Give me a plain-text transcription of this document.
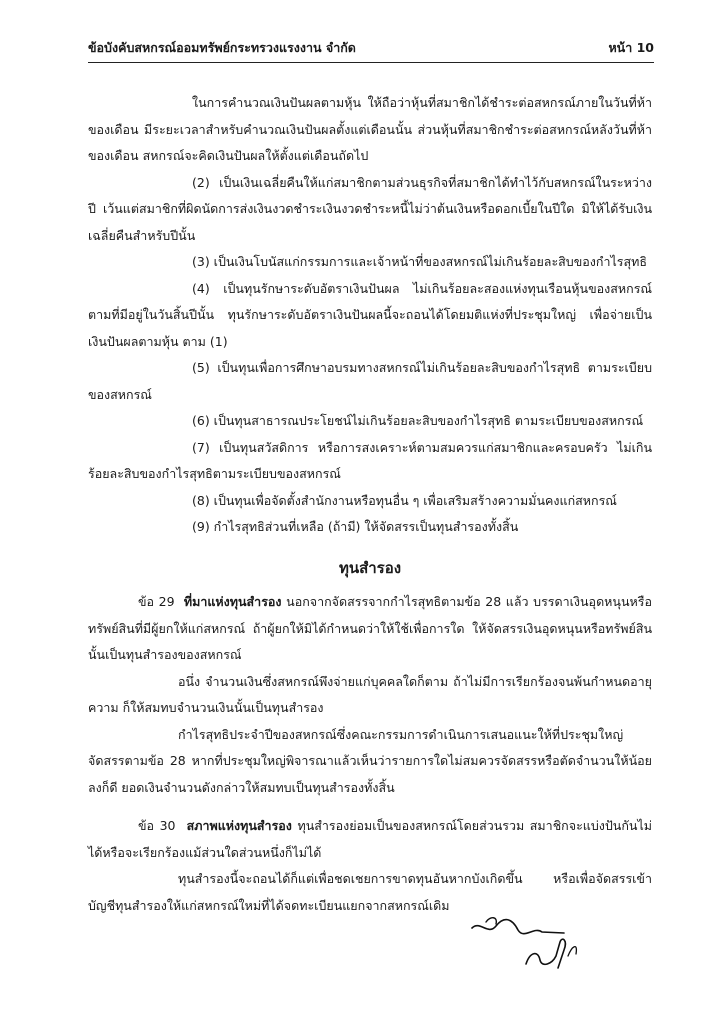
ข้อบังคับสหกรณ์ออมทรัพย์กระทรวงแรงงาน จำกัด	หน้า 10

ในการคำนวณเงินปันผลตามหุ้น ให้ถือว่าหุ้นที่สมาชิกได้ชำระต่อสหกรณ์ภายในวันที่ห้าของเดือน มีระยะเวลาสำหรับคำนวณเงินปันผลตั้งแต่เดือนนั้น ส่วนหุ้นที่สมาชิกชำระต่อสหกรณ์หลังวันที่ห้าของเดือน สหกรณ์จะคิดเงินปันผลให้ตั้งแต่เดือนถัดไป

(2) เป็นเงินเฉลี่ยคืนให้แก่สมาชิกตามส่วนธุรกิจที่สมาชิกได้ทำไว้กับสหกรณ์ในระหว่างปี เว้นแต่สมาชิกที่ผิดนัดการส่งเงินงวดชำระเงินงวดชำระหนี้ไม่ว่าต้นเงินหรือดอกเบี้ยในปีใด มิให้ได้รับเงินเฉลี่ยคืนสำหรับปีนั้น

(3) เป็นเงินโบนัสแก่กรรมการและเจ้าหน้าที่ของสหกรณ์ไม่เกินร้อยละสิบของกำไรสุทธิ

(4) เป็นทุนรักษาระดับอัตราเงินปันผล ไม่เกินร้อยละสองแห่งทุนเรือนหุ้นของสหกรณ์ ตามที่มีอยู่ในวันสิ้นปีนั้น ทุนรักษาระดับอัตราเงินปันผลนี้จะถอนได้โดยมติแห่งที่ประชุมใหญ่ เพื่อจ่ายเป็นเงินปันผลตามหุ้น ตาม (1)

(5) เป็นทุนเพื่อการศึกษาอบรมทางสหกรณ์ไม่เกินร้อยละสิบของกำไรสุทธิ ตามระเบียบของสหกรณ์

(6) เป็นทุนสาธารณประโยชน์ไม่เกินร้อยละสิบของกำไรสุทธิ ตามระเบียบของสหกรณ์

(7) เป็นทุนสวัสดิการ หรือการสงเคราะห์ตามสมควรแก่สมาชิกและครอบครัว ไม่เกินร้อยละสิบของกำไรสุทธิตามระเบียบของสหกรณ์

(8) เป็นทุนเพื่อจัดตั้งสำนักงานหรือทุนอื่น ๆ เพื่อเสริมสร้างความมั่นคงแก่สหกรณ์

(9) กำไรสุทธิส่วนที่เหลือ (ถ้ามี) ให้จัดสรรเป็นทุนสำรองทั้งสิ้น

ทุนสำรอง

ข้อ 29 ที่มาแห่งทุนสำรอง นอกจากจัดสรรจากกำไรสุทธิตามข้อ 28 แล้ว บรรดาเงินอุดหนุนหรือทรัพย์สินที่มีผู้ยกให้แก่สหกรณ์ ถ้าผู้ยกให้มิได้กำหนดว่าให้ใช้เพื่อการใด ให้จัดสรรเงินอุดหนุนหรือทรัพย์สินนั้นเป็นทุนสำรองของสหกรณ์

อนึ่ง จำนวนเงินซึ่งสหกรณ์พึงจ่ายแก่บุคคลใดก็ตาม ถ้าไม่มีการเรียกร้องจนพ้นกำหนดอายุความ ก็ให้สมทบจำนวนเงินนั้นเป็นทุนสำรอง

กำไรสุทธิประจำปีของสหกรณ์ซึ่งคณะกรรมการดำเนินการเสนอแนะให้ที่ประชุมใหญ่จัดสรรตามข้อ 28 หากที่ประชุมใหญ่พิจารณาแล้วเห็นว่ารายการใดไม่สมควรจัดสรรหรือตัดจำนวนให้น้อยลงก็ดี ยอดเงินจำนวนดังกล่าวให้สมทบเป็นทุนสำรองทั้งสิ้น

ข้อ 30 สภาพแห่งทุนสำรอง ทุนสำรองย่อมเป็นของสหกรณ์โดยส่วนรวม สมาชิกจะแบ่งปันกันไม่ได้หรือจะเรียกร้องแม้ส่วนใดส่วนหนึ่งก็ไม่ได้

ทุนสำรองนี้จะถอนได้ก็แต่เพื่อชดเชยการขาดทุนอันหากบังเกิดขึ้น หรือเพื่อจัดสรรเข้าบัญชีทุนสำรองให้แก่สหกรณ์ใหม่ที่ได้จดทะเบียนแยกจากสหกรณ์เดิม
